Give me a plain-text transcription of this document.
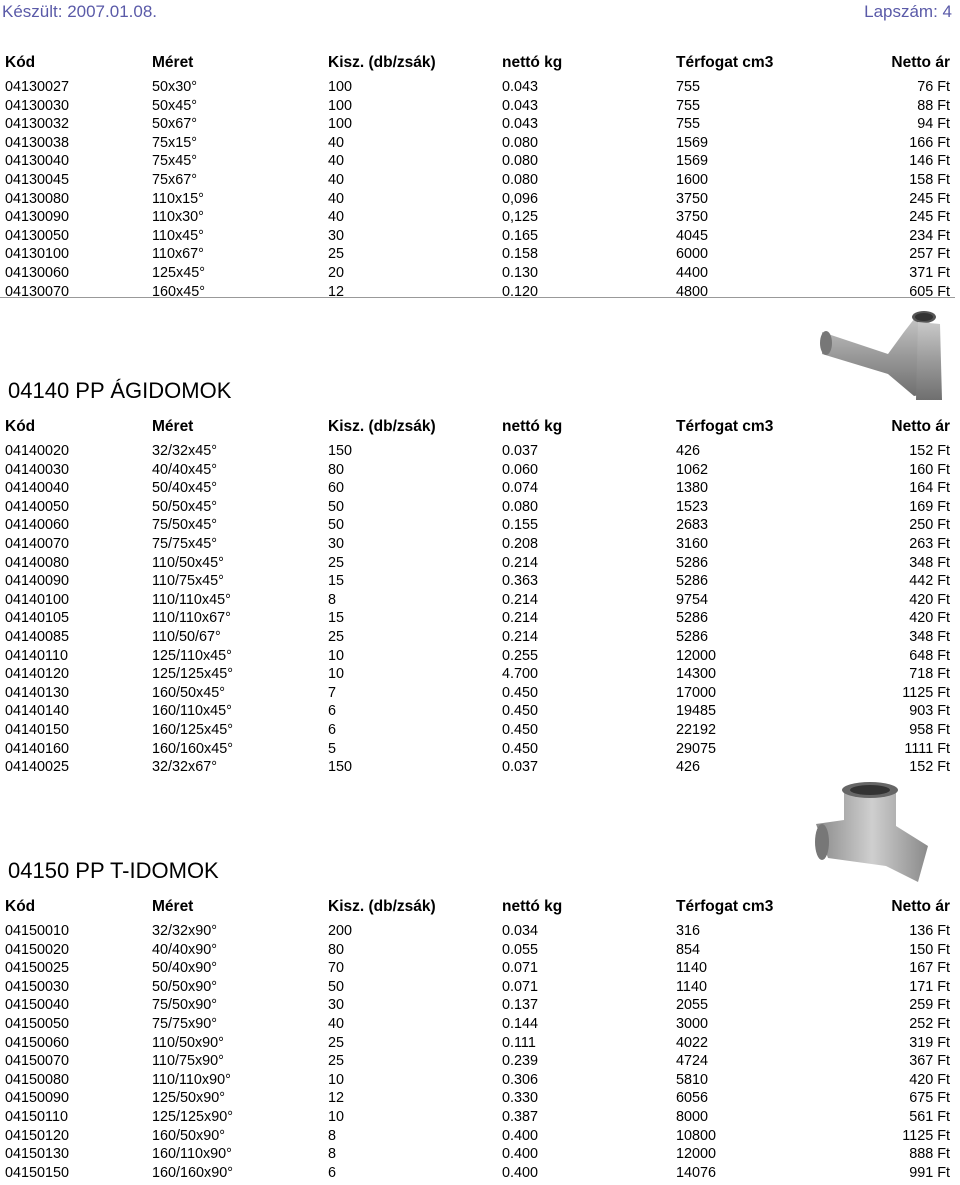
Készült: 2007.01.08.	Lapszám: 4
Kód	Méret	Kisz. (db/zsák)	nettó kg	Térfogat cm3	Netto ár
04130027	50x30°	100	0.043	755	76 Ft
04130030	50x45°	100	0.043	755	88 Ft
04130032	50x67°	100	0.043	755	94 Ft
04130038	75x15°	40	0.080	1569	166 Ft
04130040	75x45°	40	0.080	1569	146 Ft
04130045	75x67°	40	0.080	1600	158 Ft
04130080	110x15°	40	0,096	3750	245 Ft
04130090	110x30°	40	0,125	3750	245 Ft
04130050	110x45°	30	0.165	4045	234 Ft
04130100	110x67°	25	0.158	6000	257 Ft
04130060	125x45°	20	0.130	4400	371 Ft
04130070	160x45°	12	0.120	4800	605 Ft
04140 PP ÁGIDOMOK
Kód	Méret	Kisz. (db/zsák)	nettó kg	Térfogat cm3	Netto ár
04140020	32/32x45°	150	0.037	426	152 Ft
04140030	40/40x45°	80	0.060	1062	160 Ft
04140040	50/40x45°	60	0.074	1380	164 Ft
04140050	50/50x45°	50	0.080	1523	169 Ft
04140060	75/50x45°	50	0.155	2683	250 Ft
04140070	75/75x45°	30	0.208	3160	263 Ft
04140080	110/50x45°	25	0.214	5286	348 Ft
04140090	110/75x45°	15	0.363	5286	442 Ft
04140100	110/110x45°	8	0.214	9754	420 Ft
04140105	110/110x67°	15	0.214	5286	420 Ft
04140085	110/50/67°	25	0.214	5286	348 Ft
04140110	125/110x45°	10	0.255	12000	648 Ft
04140120	125/125x45°	10	4.700	14300	718 Ft
04140130	160/50x45°	7	0.450	17000	1125 Ft
04140140	160/110x45°	6	0.450	19485	903 Ft
04140150	160/125x45°	6	0.450	22192	958 Ft
04140160	160/160x45°	5	0.450	29075	1111 Ft
04140025	32/32x67°	150	0.037	426	152 Ft
04150 PP T-IDOMOK
Kód	Méret	Kisz. (db/zsák)	nettó kg	Térfogat cm3	Netto ár
04150010	32/32x90°	200	0.034	316	136 Ft
04150020	40/40x90°	80	0.055	854	150 Ft
04150025	50/40x90°	70	0.071	1140	167 Ft
04150030	50/50x90°	50	0.071	1140	171 Ft
04150040	75/50x90°	30	0.137	2055	259 Ft
04150050	75/75x90°	40	0.144	3000	252 Ft
04150060	110/50x90°	25	0.111	4022	319 Ft
04150070	110/75x90°	25	0.239	4724	367 Ft
04150080	110/110x90°	10	0.306	5810	420 Ft
04150090	125/50x90°	12	0.330	6056	675 Ft
04150110	125/125x90°	10	0.387	8000	561 Ft
04150120	160/50x90°	8	0.400	10800	1125 Ft
04150130	160/110x90°	8	0.400	12000	888 Ft
04150150	160/160x90°	6	0.400	14076	991 Ft
